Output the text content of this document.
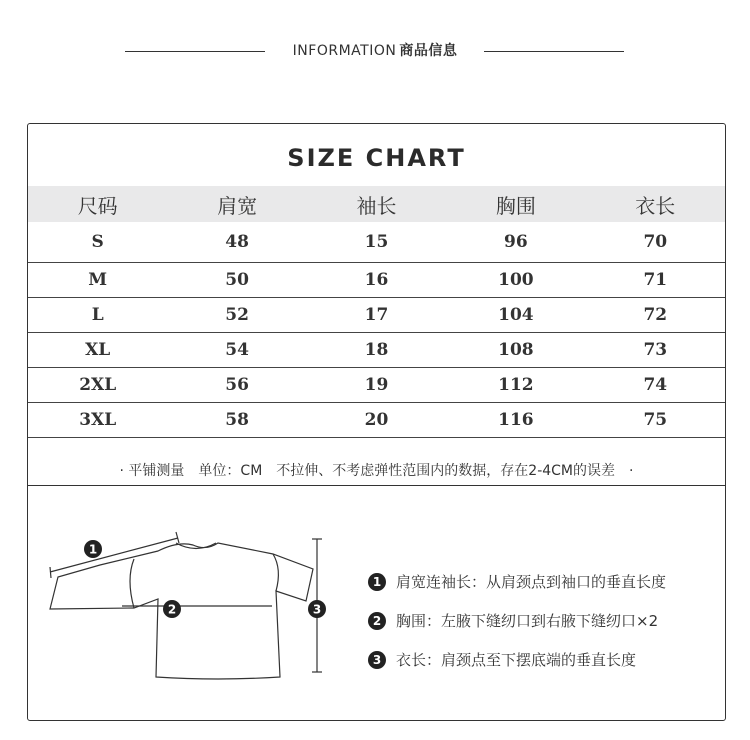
INFORMATION 商品信息
SIZE CHART
尺码	肩宽	袖长	胸围	衣长
S	48	15	96	70
M	50	16	100	71
L	52	17	104	72
XL	54	18	108	73
2XL	56	19	112	74
3XL	58	20	116	75
· 平铺测量　单位：CM　不拉伸、不考虑弹性范围内的数据，存在2-4CM的误差　·
1
2	3
1 肩宽连袖长：从肩颈点到袖口的垂直长度
2 胸围：左腋下缝纫口到右腋下缝纫口×2
3 衣长：肩颈点至下摆底端的垂直长度
